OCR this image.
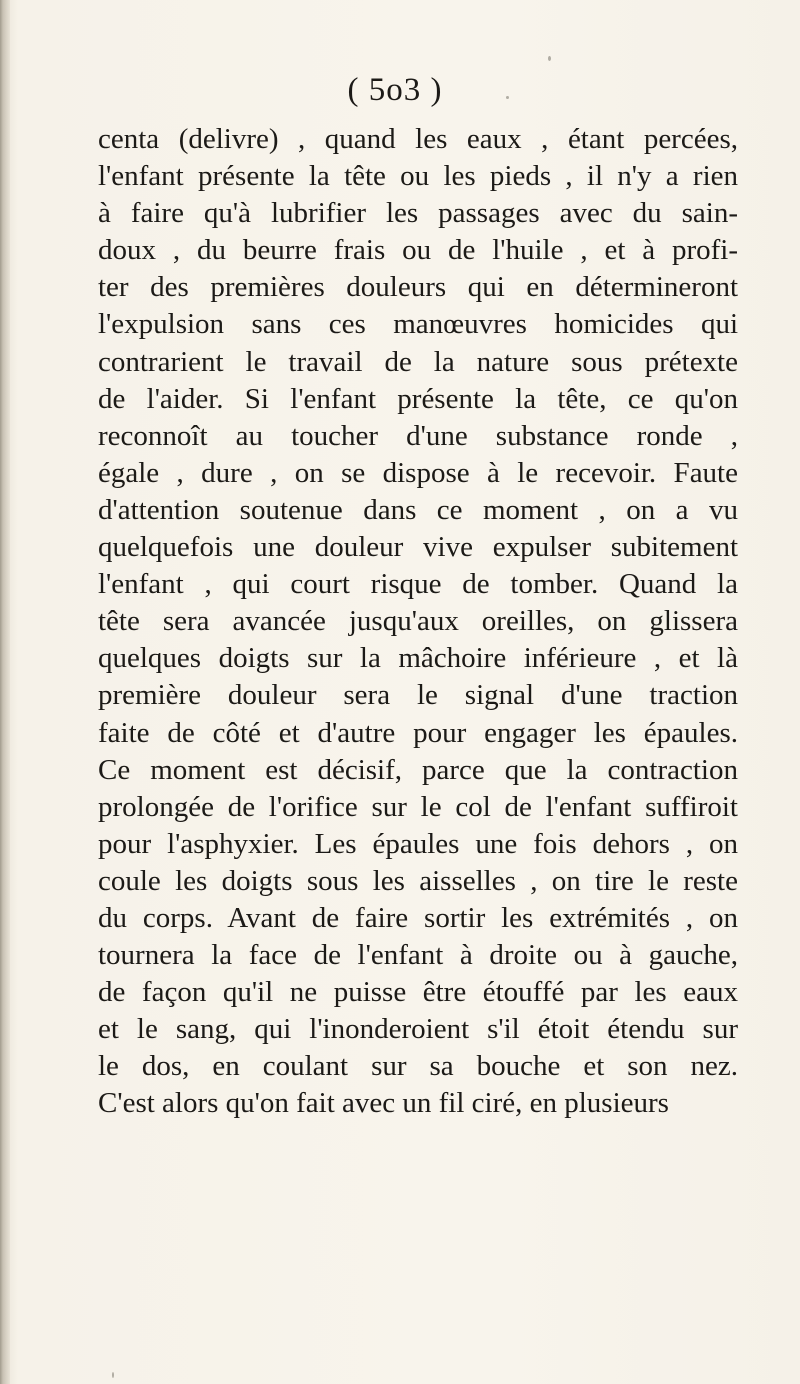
( 5o3 )
centa (delivre) , quand les eaux , étant percées,
l'enfant présente la tête ou les pieds , il n'y a rien
à faire qu'à lubrifier les passages avec du sain-
doux , du beurre frais ou de l'huile , et à profi-
ter des premières douleurs qui en détermineront
l'expulsion sans ces manœuvres homicides qui
contrarient le travail de la nature sous prétexte
de l'aider. Si l'enfant présente la tête, ce qu'on
reconnoît au toucher d'une substance ronde ,
égale , dure , on se dispose à le recevoir. Faute
d'attention soutenue dans ce moment , on a vu
quelquefois une douleur vive expulser subitement
l'enfant , qui court risque de tomber. Quand la
tête sera avancée jusqu'aux oreilles, on glissera
quelques doigts sur la mâchoire inférieure , et là
première douleur sera le signal d'une traction
faite de côté et d'autre pour engager les épaules.
Ce moment est décisif, parce que la contraction
prolongée de l'orifice sur le col de l'enfant suffiroit
pour l'asphyxier. Les épaules une fois dehors , on
coule les doigts sous les aisselles , on tire le reste
du corps. Avant de faire sortir les extrémités , on
tournera la face de l'enfant à droite ou à gauche,
de façon qu'il ne puisse être étouffé par les eaux
et le sang, qui l'inonderoient s'il étoit étendu sur
le dos, en coulant sur sa bouche et son nez.
C'est alors qu'on fait avec un fil ciré, en plusieurs
